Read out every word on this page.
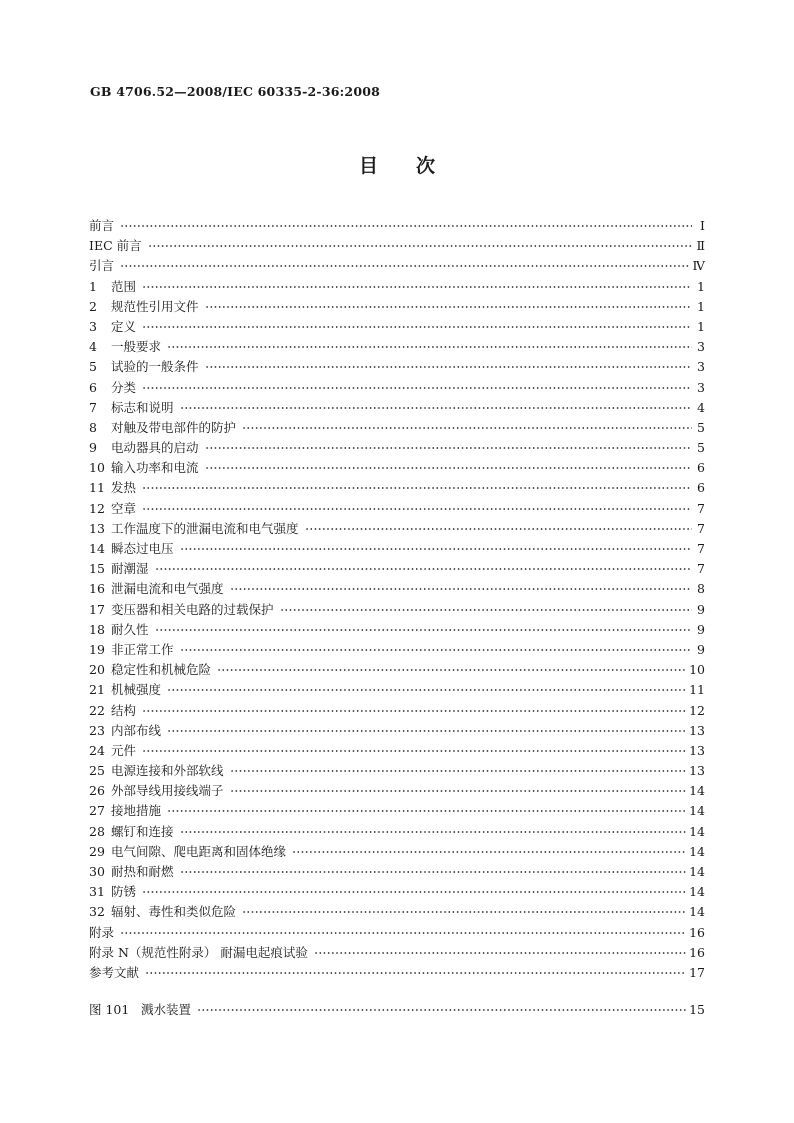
GB 4706.52—2008/IEC 60335-2-36:2008
目 次
前言	Ⅰ
IEC 前言	Ⅱ
引言	Ⅳ
1	范围	1
2	规范性引用文件	1
3	定义	1
4	一般要求	3
5	试验的一般条件	3
6	分类	3
7	标志和说明	4
8	对触及带电部件的防护	5
9	电动器具的启动	5
10 输入功率和电流	6
11 发热	6
12 空章	7
13 工作温度下的泄漏电流和电气强度	7
14 瞬态过电压	7
15 耐潮湿	7
16 泄漏电流和电气强度	8
17 变压器和相关电路的过载保护	9
18 耐久性	9
19 非正常工作	9
20 稳定性和机械危险	10
21 机械强度	11
22 结构	12
23 内部布线	13
24 元件	13
25 电源连接和外部软线	13
26 外部导线用接线端子	14
27 接地措施	14
28 螺钉和连接	14
29 电气间隙、爬电距离和固体绝缘	14
30 耐热和耐燃	14
31 防锈	14
32 辐射、毒性和类似危险	14
附录	16
附录 N（规范性附录） 耐漏电起痕试验	16
参考文献	17
图 101 溅水装置	15
